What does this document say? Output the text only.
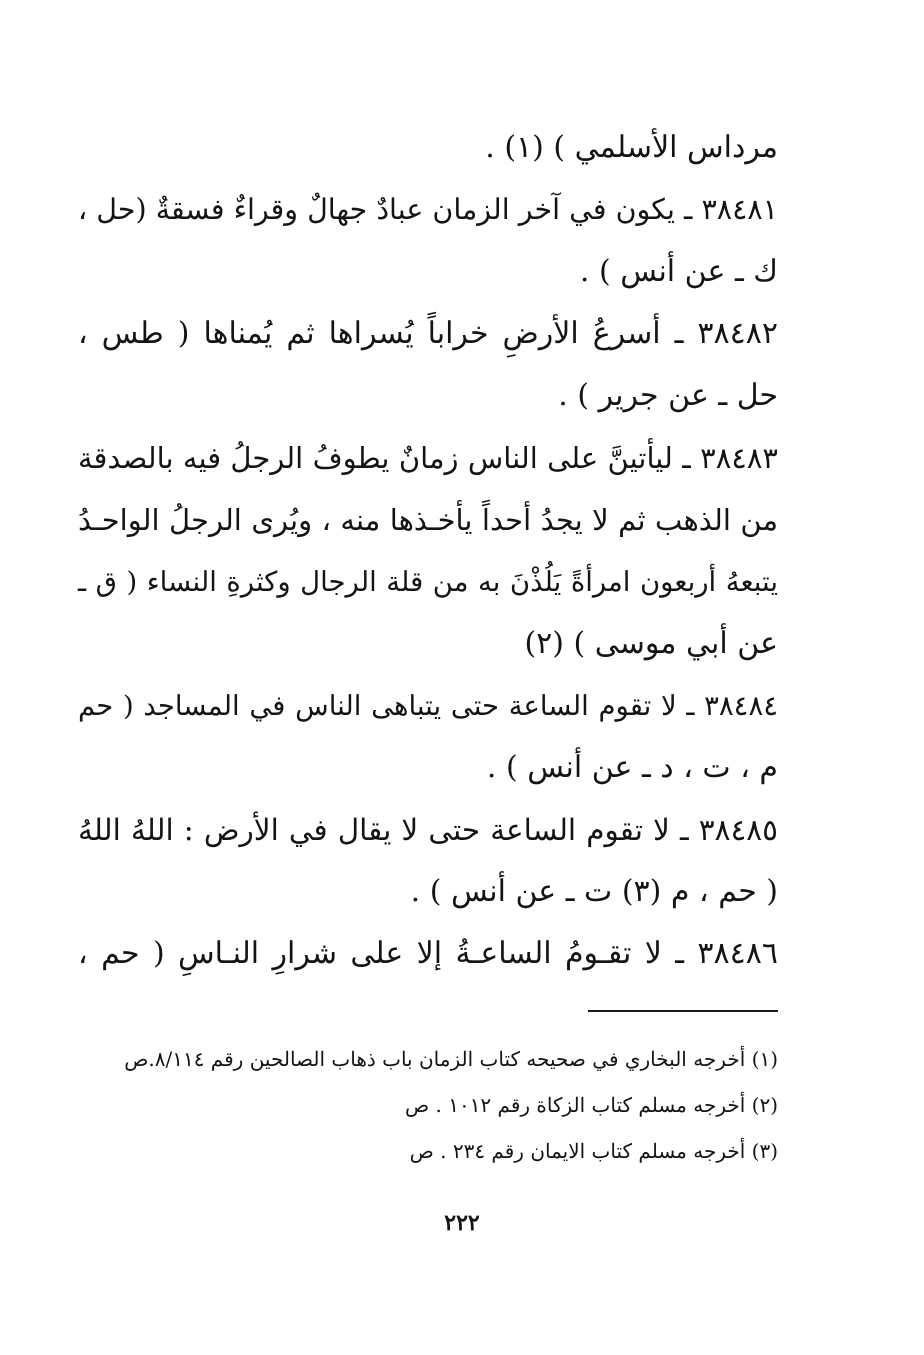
مرداس الأسلمي ) (١) .
٣٨٤٨١ ـ يكون في آخر الزمان عبادٌ جهالٌ وقراءٌ فسقةٌ (حل ،
ك ـ عن أنس ) .
٣٨٤٨٢ ـ أسرعُ الأرضِ خراباً يُسراها ثم يُمناها ( طس ،
حل ـ عن جرير ) .
٣٨٤٨٣ ـ ليأتينَّ على الناس زمانٌ يطوفُ الرجلُ فيه بالصدقة
من الذهب ثم لا يجدُ أحداً يأخـذها منه ، ويُرى الرجلُ الواحـدُ
يتبعهُ أربعون امرأةً يَلُذْنَ به من قلة الرجال وكثرةِ النساء ( ق ـ
عن أبي موسى ) (٢)
٣٨٤٨٤ ـ لا تقوم الساعة حتى يتباهى الناس في المساجد ( حم
م ، ت ، د ـ عن أنس ) .
٣٨٤٨٥ ـ لا تقوم الساعة حتى لا يقال في الأرض : اللهُ اللهُ
( حم ، م (٣) ت ـ عن أنس ) .
٣٨٤٨٦ ـ لا تقـومُ الساعـةُ إلا على شرارِ النـاسِ ( حم ،
(١) أخرجه البخاري في صحيحه كتاب الزمان باب ذهاب الصالحين رقم ٨/١١٤.ص
(٢) أخرجه مسلم كتاب الزكاة رقم ١٠١٢ . ص
(٣) أخرجه مسلم كتاب الايمان رقم ٢٣٤ . ص
٢٢٢
